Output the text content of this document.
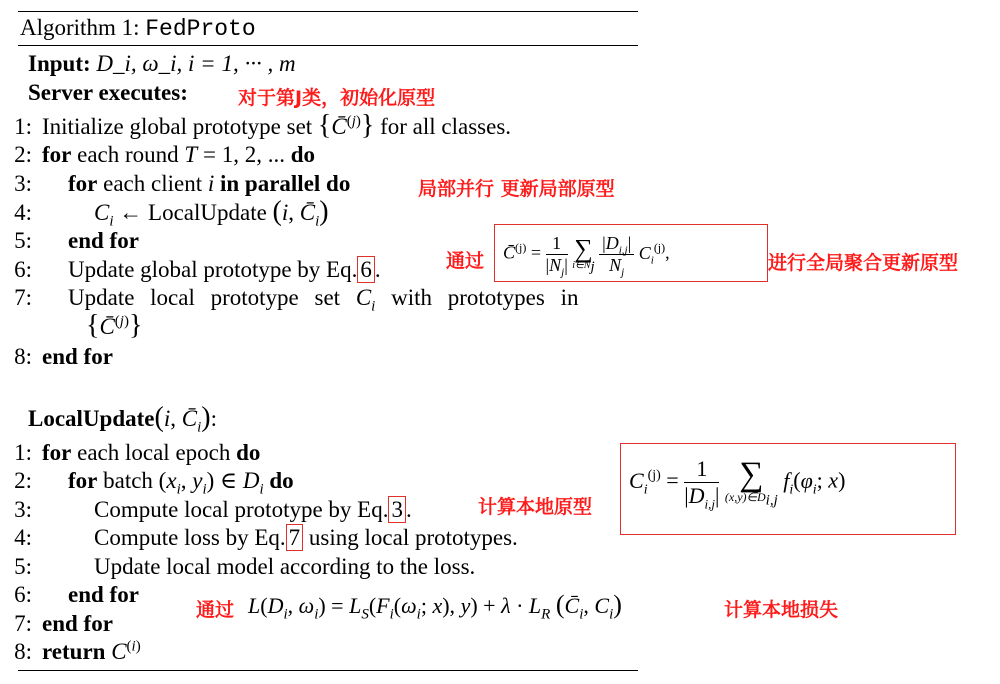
Algorithm 1: FedProto
Input: D_i, ω_i, i = 1, ··· , m
Server executes:	对于第J类，初始化原型
1: Initialize global prototype set {C̄$^{(j)}$} for all classes.
2: for each round T = 1, 2, ... do
3: for each client i in parallel do	局部并行 更新局部原型
4:	$C_i$ ← LocalUpdate (i, $C̄_i$)
5: end for
6: Update global prototype by Eq. 6 .
7: Update local prototype set $C_i$ with prototypes in
{C̄$^{(j)}$}
8: end for
通过 C̄$^{(j)}$ = $\frac{1}{|N_j|}$
∑
$i\in N_j$
$\frac{|D_{i,j}|}{N_j} C_i^{(j)}$,	进行全局聚合更新原型
LocalUpdate(i, $C̄_i$):
1: for each local epoch do
2: for batch ($x_i$, $y_i$) ∈ $D_i$ do
3:	Compute local prototype by Eq. 3 .	计算本地原型
4:	Compute loss by Eq. 7 using local prototypes.
5:	Update local model according to the loss.
6: end for
7: end for
8: return $C^{(i)}$
$C_i^{(j)} = \frac{1}{|D_{i,j}|}$
∑
$(x,y)\in D_{i,j}$
$f_i(\varphi_i$; x)
通过 $L(D_i$, $\omega_i) = L_S(F_i(\omega_i$; x), $y) + \lambda \cdot L_R$ ($C̄_i$, $C_i$)	计算本地损失
